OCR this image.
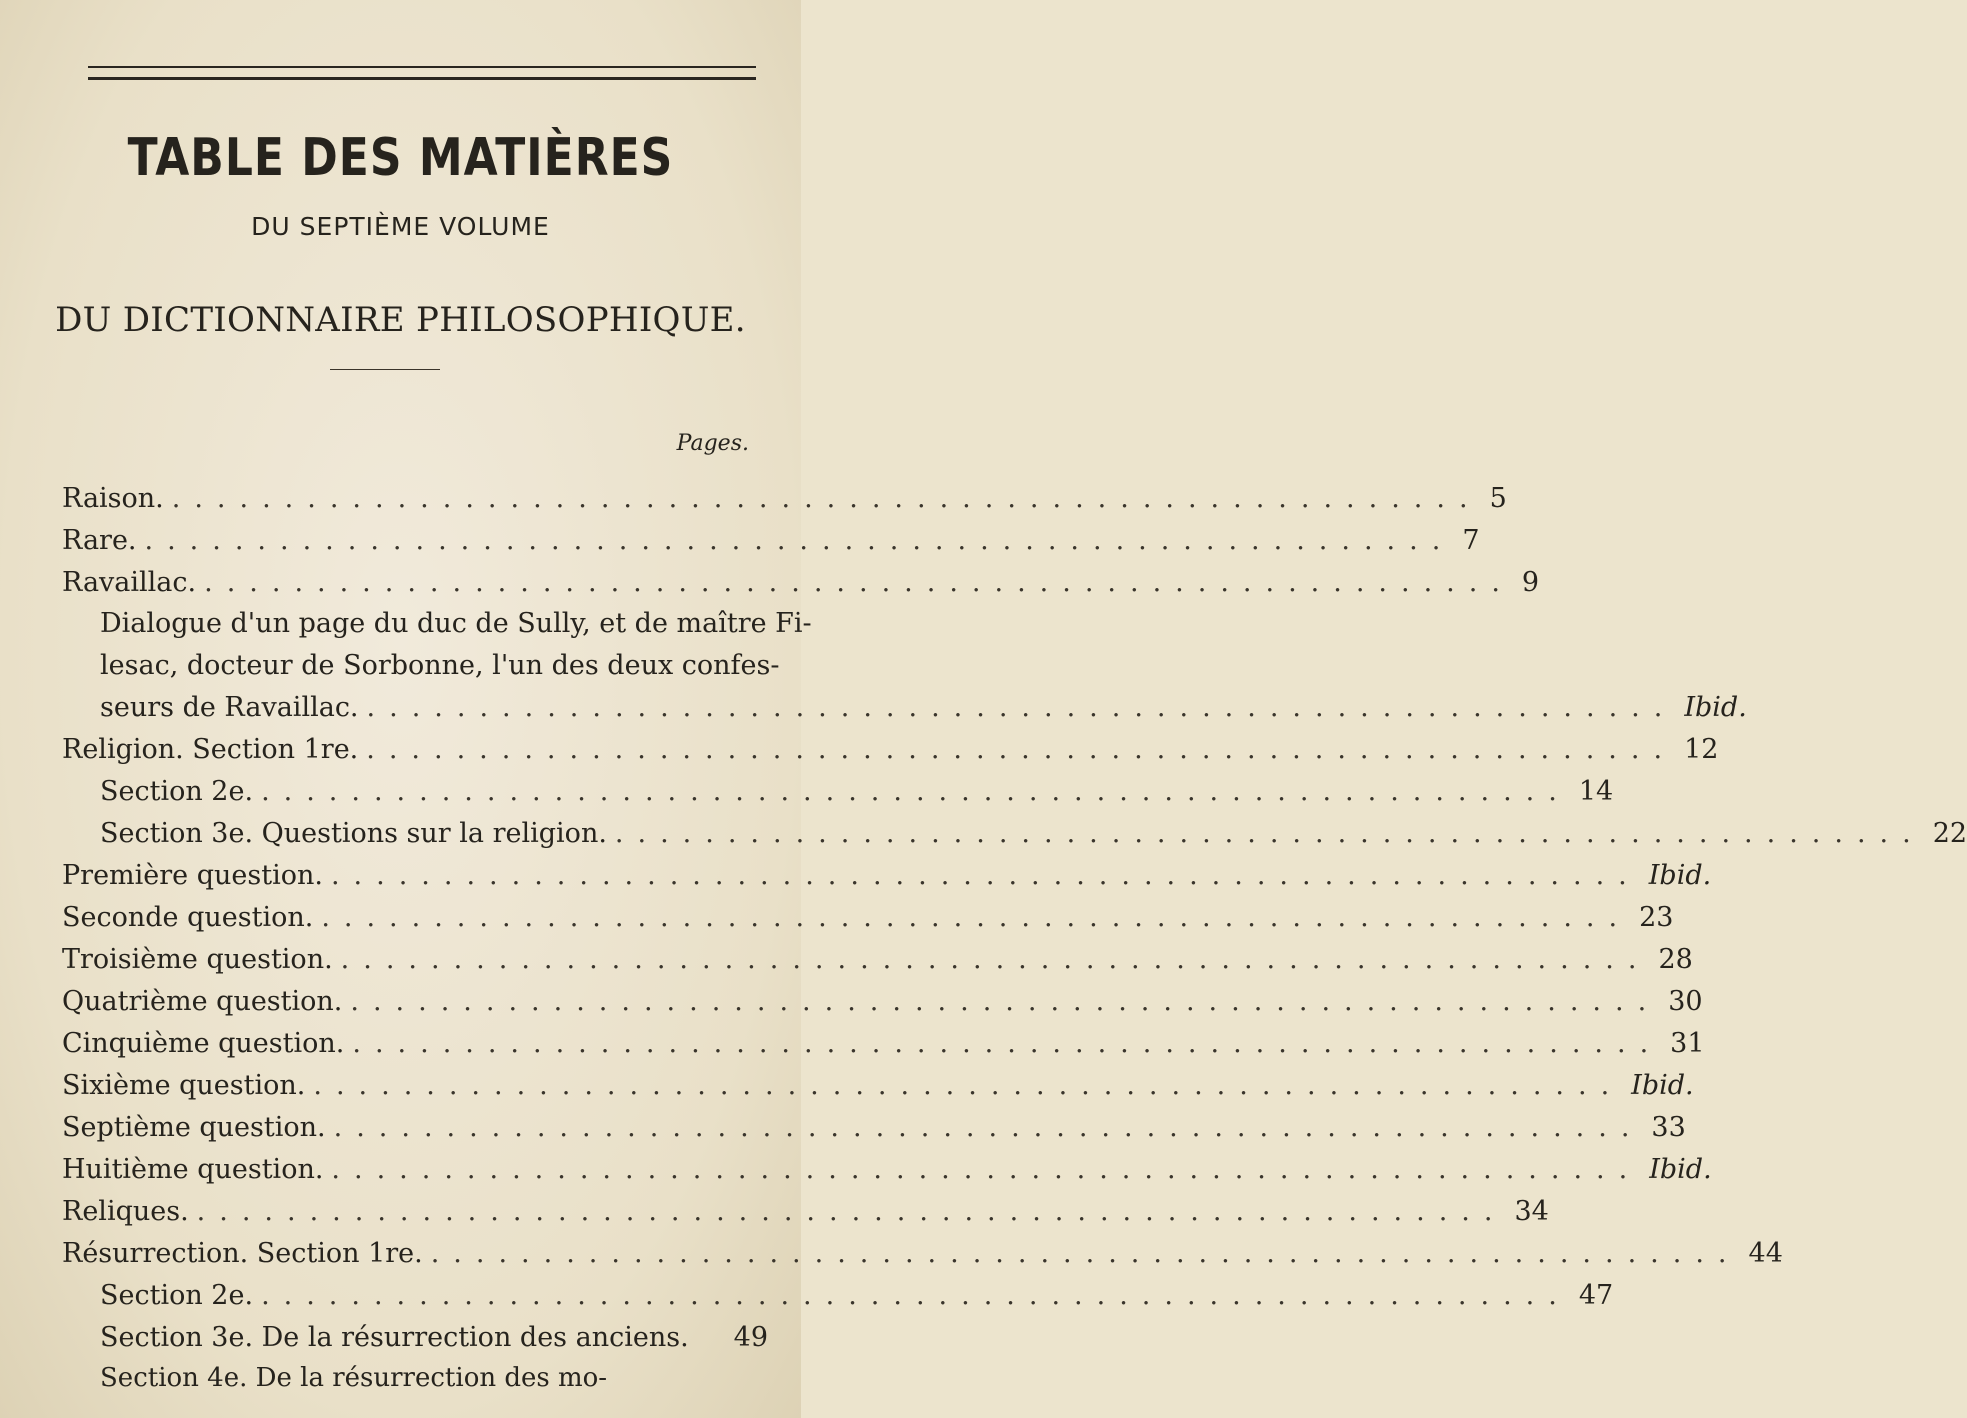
TABLE DES MATIÈRES
DU SEPTIÈME VOLUME
DU DICTIONNAIRE PHILOSOPHIQUE.
Pages.
Raison. .......................................................... 5
Rare. .......................................................... 7
Ravaillac. .......................................................... 9
Dialogue d'un page du duc de Sully, et de maître Fi-
lesac, docteur de Sorbonne, l'un des deux confes-
seurs de Ravaillac. .......................................................... Ibid.
Religion. Section 1re. .......................................................... 12
Section 2e. .......................................................... 14
Section 3e. Questions sur la religion. .......................................................... 22
Première question. .......................................................... Ibid.
Seconde question. .......................................................... 23
Troisième question. .......................................................... 28
Quatrième question. .......................................................... 30
Cinquième question. .......................................................... 31
Sixième question. .......................................................... Ibid.
Septième question. .......................................................... 33
Huitième question. .......................................................... Ibid.
Reliques. .......................................................... 34
Résurrection. Section 1re. .......................................................... 44
Section 2e. .......................................................... 47
Section 3e. De la résurrection des anciens.
49
Section 4e. De la résurrection des mo-
